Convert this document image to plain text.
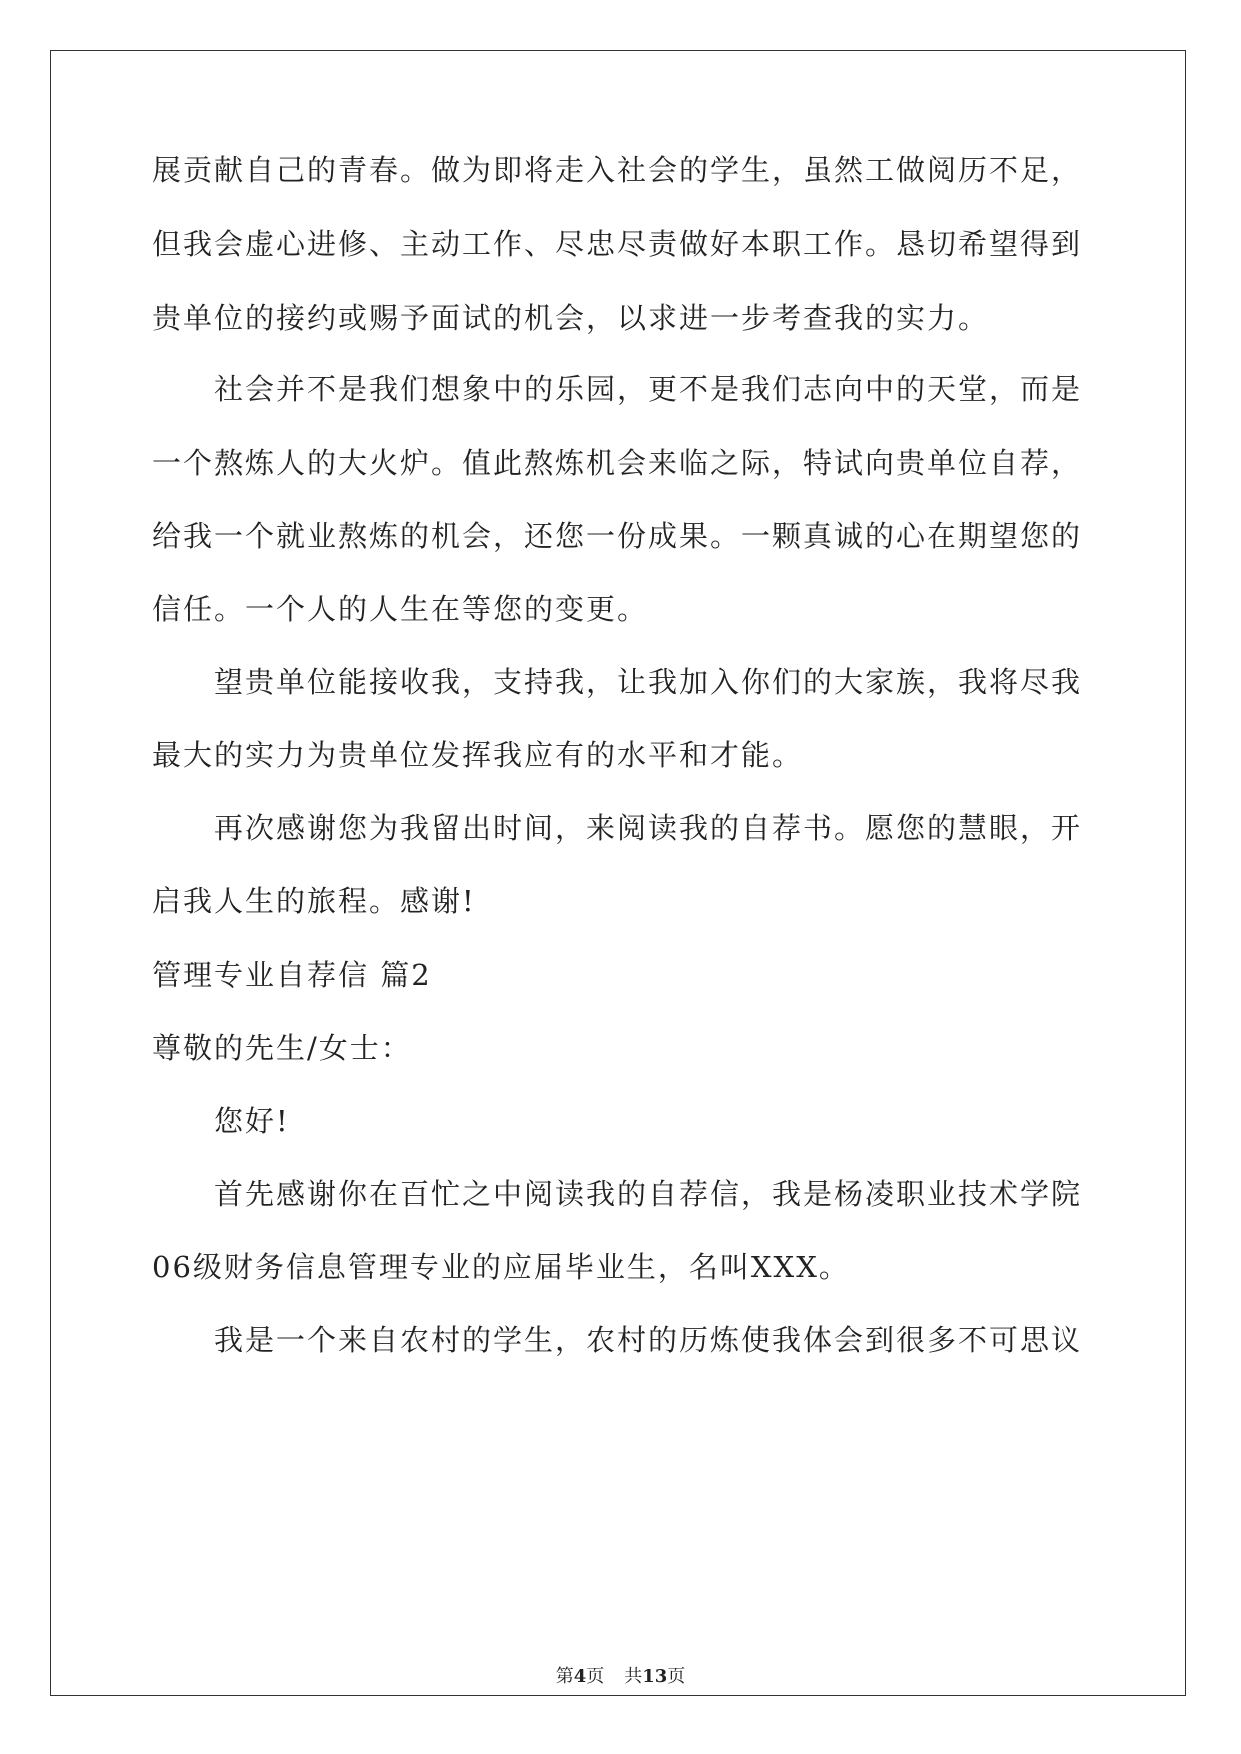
展贡献自己的青春。做为即将走入社会的学生，虽然工做阅历不足，
但我会虚心进修、主动工作、尽忠尽责做好本职工作。恳切希望得到
贵单位的接约或赐予面试的机会，以求进一步考查我的实力。
社会并不是我们想象中的乐园，更不是我们志向中的天堂，而是
一个熬炼人的大火炉。值此熬炼机会来临之际，特试向贵单位自荐，
给我一个就业熬炼的机会，还您一份成果。一颗真诚的心在期望您的
信任。一个人的人生在等您的变更。
望贵单位能接收我，支持我，让我加入你们的大家族，我将尽我
最大的实力为贵单位发挥我应有的水平和才能。
再次感谢您为我留出时间，来阅读我的自荐书。愿您的慧眼，开
启我人生的旅程。感谢!
管理专业自荐信 篇2
尊敬的先生/女士：
您好!
首先感谢你在百忙之中阅读我的自荐信，我是杨凌职业技术学院
06级财务信息管理专业的应届毕业生，名叫XXX。
我是一个来自农村的学生，农村的历炼使我体会到很多不可思议
第4页 共13页
